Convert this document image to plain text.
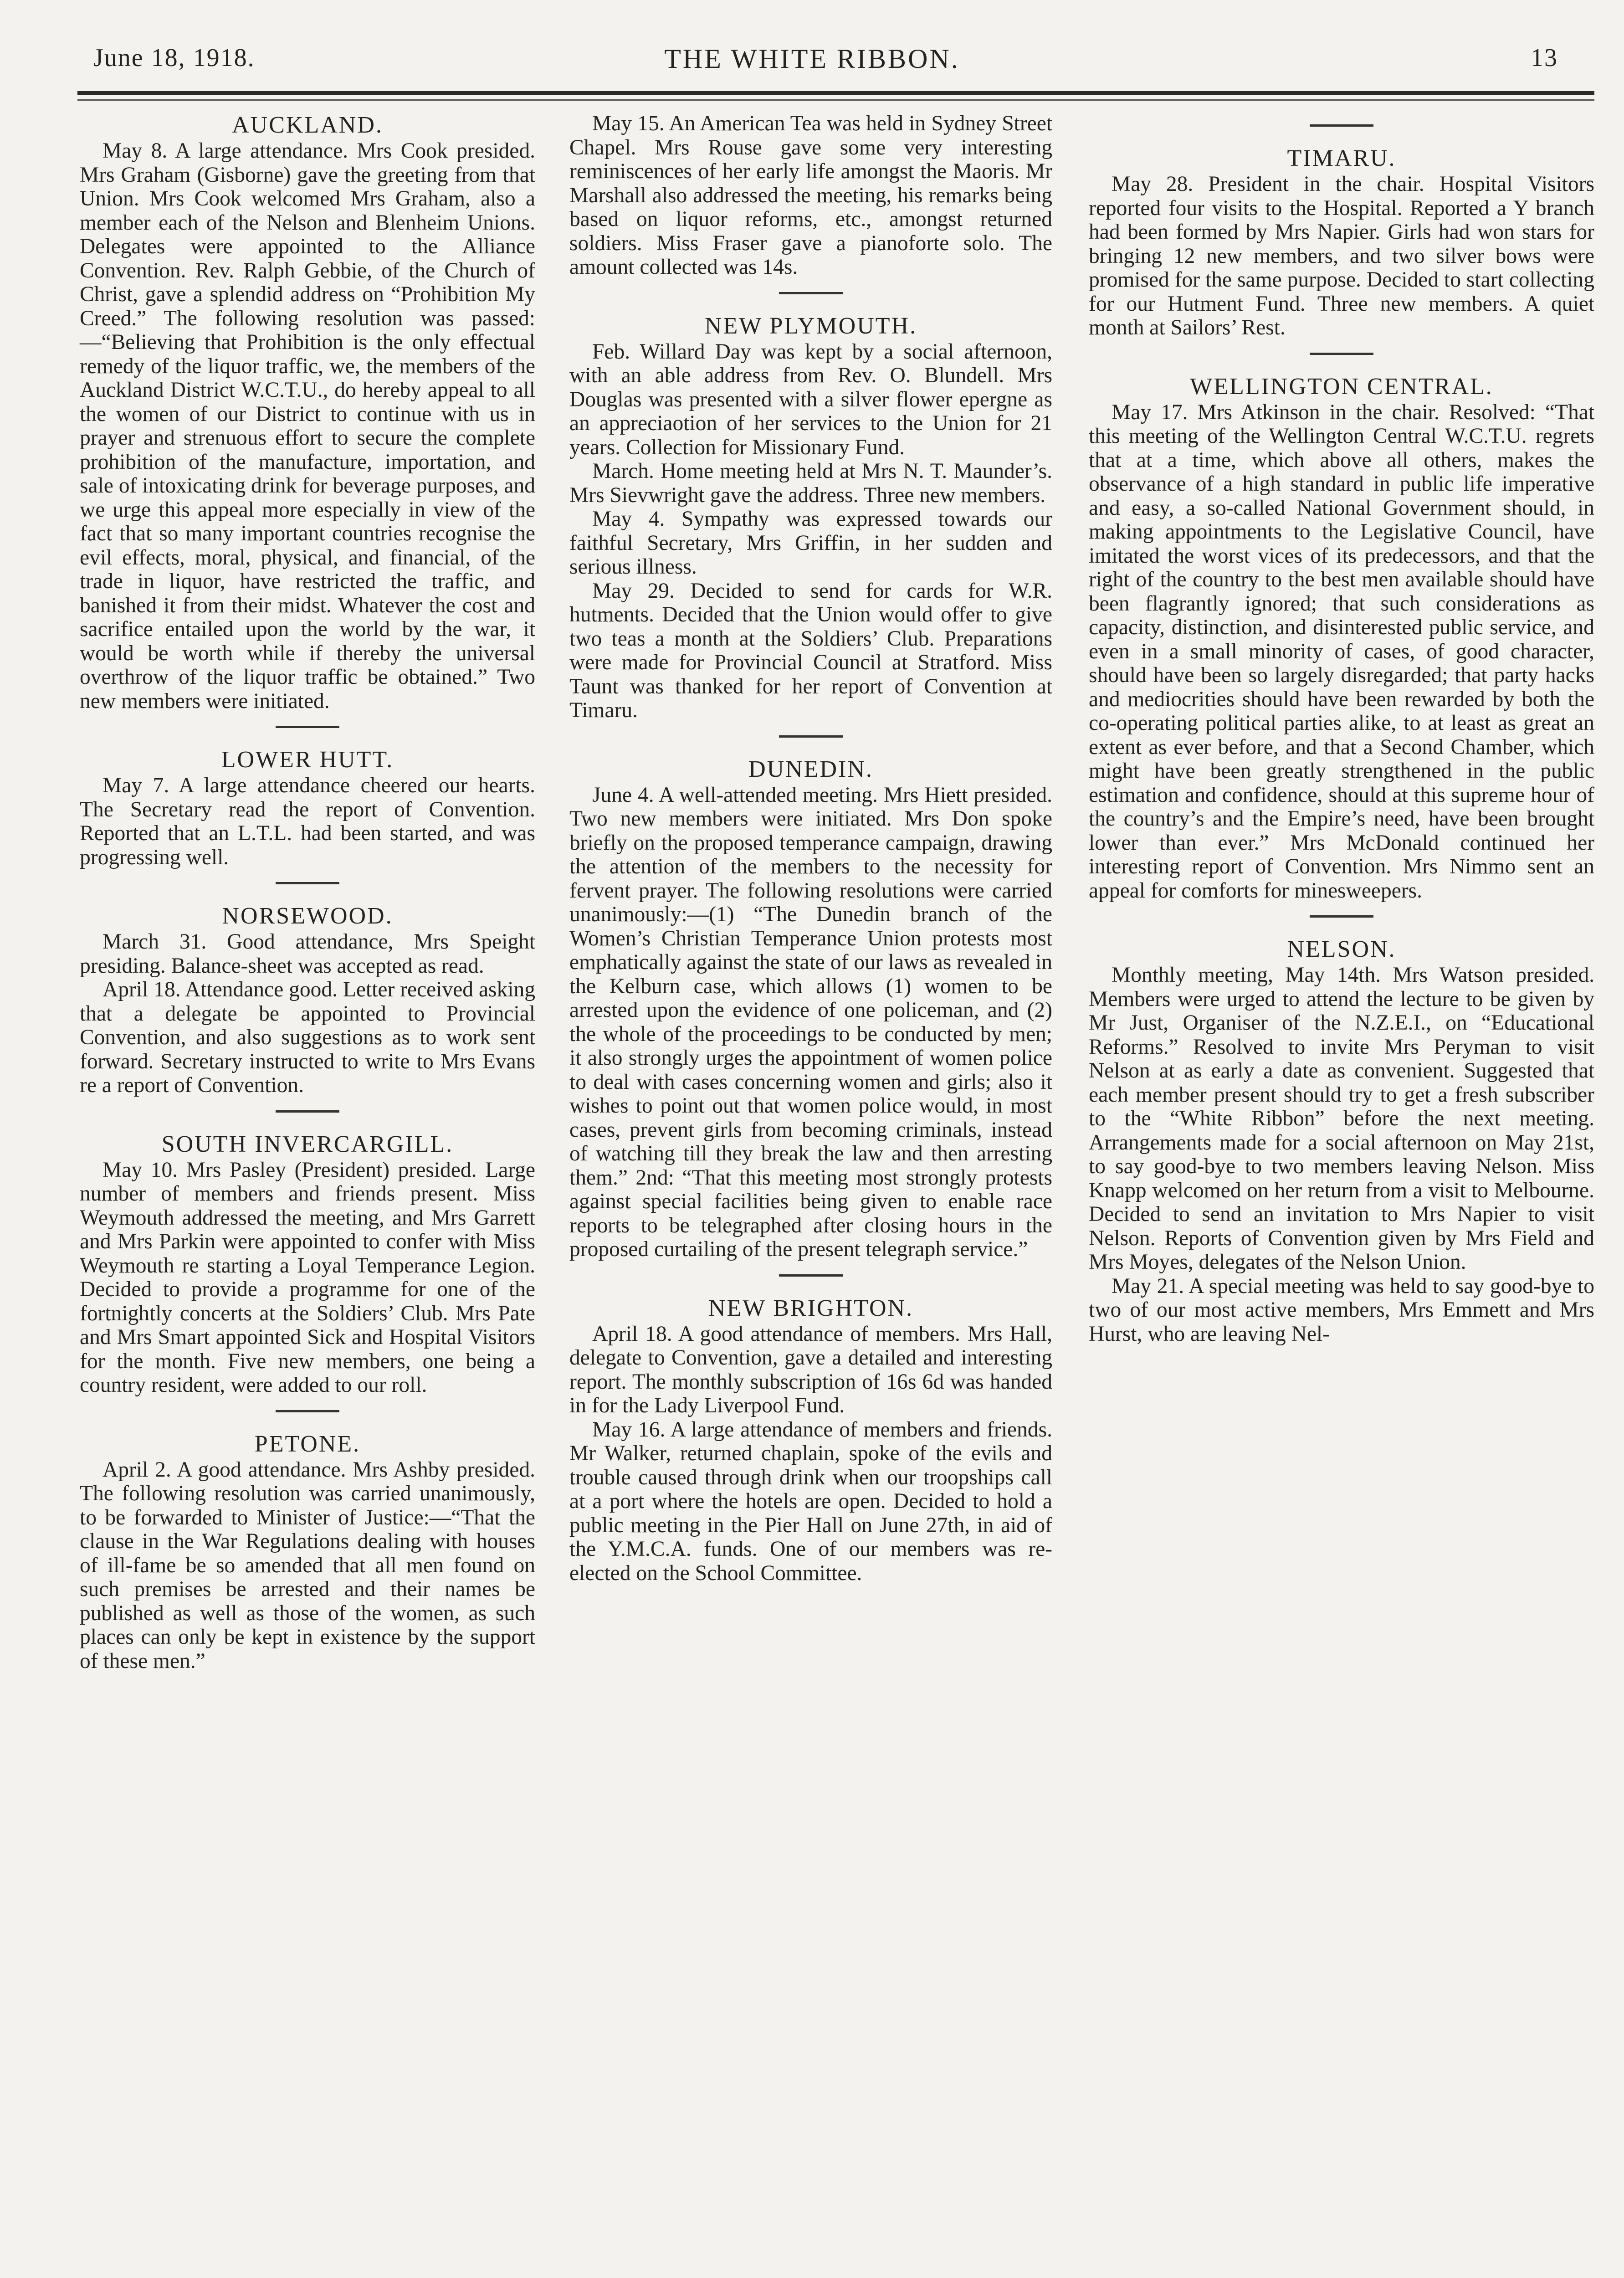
June 18, 1918.	THE WHITE RIBBON.	13
AUCKLAND.

May 8. A large attendance. Mrs Cook presided. Mrs Graham (Gisborne) gave the greeting from that Union. Mrs Cook welcomed Mrs Graham, also a member each of the Nelson and Blenheim Unions. Delegates were appointed to the Alliance Convention. Rev. Ralph Gebbie, of the Church of Christ, gave a splendid address on “Prohibition My Creed.” The following resolution was passed:—“Believing that Prohibition is the only effectual remedy of the liquor traffic, we, the members of the Auckland District W.C.T.U., do hereby appeal to all the women of our District to continue with us in prayer and strenuous effort to secure the complete prohibition of the manufacture, importation, and sale of intoxicating drink for beverage purposes, and we urge this appeal more especially in view of the fact that so many important countries recognise the evil effects, moral, physical, and financial, of the trade in liquor, have restricted the traffic, and banished it from their midst. Whatever the cost and sacrifice entailed upon the world by the war, it would be worth while if thereby the universal overthrow of the liquor traffic be obtained.” Two new members were initiated.

LOWER HUTT.

May 7. A large attendance cheered our hearts. The Secretary read the report of Convention. Reported that an L.T.L. had been started, and was progressing well.

NORSEWOOD.

March 31. Good attendance, Mrs Speight presiding. Balance-sheet was accepted as read.

April 18. Attendance good. Letter received asking that a delegate be appointed to Provincial Convention, and also suggestions as to work sent forward. Secretary instructed to write to Mrs Evans re a report of Convention.

SOUTH INVERCARGILL.

May 10. Mrs Pasley (President) presided. Large number of members and friends present. Miss Weymouth addressed the meeting, and Mrs Garrett and Mrs Parkin were appointed to confer with Miss Weymouth re starting a Loyal Temperance Legion. Decided to provide a programme for one of the fortnightly concerts at the Soldiers’ Club. Mrs Pate and Mrs Smart appointed Sick and Hospital Visitors for the month. Five new members, one being a country resident, were added to our roll.

PETONE.

April 2. A good attendance. Mrs Ashby presided. The following resolution was carried unanimously, to be forwarded to Minister of Justice:—“That the clause in the War Regulations dealing with houses of ill-fame be so amended that all men found on such premises be arrested and their names be published as well as those of the women, as such places can only be kept in existence by the support of these men.”

May 15. An American Tea was held in Sydney Street Chapel. Mrs Rouse gave some very interesting reminiscences of her early life amongst the Maoris. Mr Marshall also addressed the meeting, his remarks being based on liquor reforms, etc., amongst returned soldiers. Miss Fraser gave a pianoforte solo. The amount collected was 14s.

NEW PLYMOUTH.

Feb. Willard Day was kept by a social afternoon, with an able address from Rev. O. Blundell. Mrs Douglas was presented with a silver flower epergne as an appreciaotion of her services to the Union for 21 years. Collection for Missionary Fund.

March. Home meeting held at Mrs N. T. Maunder’s. Mrs Sievwright gave the address. Three new members.

May 4. Sympathy was expressed towards our faithful Secretary, Mrs Griffin, in her sudden and serious illness.

May 29. Decided to send for cards for W.R. hutments. Decided that the Union would offer to give two teas a month at the Soldiers’ Club. Preparations were made for Provincial Council at Stratford. Miss Taunt was thanked for her report of Convention at Timaru.

DUNEDIN.

June 4. A well-attended meeting. Mrs Hiett presided. Two new members were initiated. Mrs Don spoke briefly on the proposed temperance campaign, drawing the attention of the members to the necessity for fervent prayer. The following resolutions were carried unanimously:—(1) “The Dunedin branch of the Women’s Christian Temperance Union protests most emphatically against the state of our laws as revealed in the Kelburn case, which allows (1) women to be arrested upon the evidence of one policeman, and (2) the whole of the proceedings to be conducted by men; it also strongly urges the appointment of women police to deal with cases concerning women and girls; also it wishes to point out that women police would, in most cases, prevent girls from becoming criminals, instead of watching till they break the law and then arresting them.” 2nd: “That this meeting most strongly protests against special facilities being given to enable race reports to be telegraphed after closing hours in the proposed curtailing of the present telegraph service.”

NEW BRIGHTON.

April 18. A good attendance of members. Mrs Hall, delegate to Convention, gave a detailed and interesting report. The monthly subscription of 16s 6d was handed in for the Lady Liverpool Fund.

May 16. A large attendance of members and friends. Mr Walker, returned chaplain, spoke of the evils and trouble caused through drink when our troopships call at a port where the hotels are open. Decided to hold a public meeting in the Pier Hall on June 27th, in aid of the Y.M.C.A. funds. One of our members was re-elected on the School Committee.

TIMARU.

May 28. President in the chair. Hospital Visitors reported four visits to the Hospital. Reported a Y branch had been formed by Mrs Napier. Girls had won stars for bringing 12 new members, and two silver bows were promised for the same purpose. Decided to start collecting for our Hutment Fund. Three new members. A quiet month at Sailors’ Rest.

WELLINGTON CENTRAL.

May 17. Mrs Atkinson in the chair. Resolved: “That this meeting of the Wellington Central W.C.T.U. regrets that at a time, which above all others, makes the observance of a high standard in public life imperative and easy, a so-called National Government should, in making appointments to the Legislative Council, have imitated the worst vices of its predecessors, and that the right of the country to the best men available should have been flagrantly ignored; that such considerations as capacity, distinction, and disinterested public service, and even in a small minority of cases, of good character, should have been so largely disregarded; that party hacks and mediocrities should have been rewarded by both the co-operating political parties alike, to at least as great an extent as ever before, and that a Second Chamber, which might have been greatly strengthened in the public estimation and confidence, should at this supreme hour of the country’s and the Empire’s need, have been brought lower than ever.” Mrs McDonald continued her interesting report of Convention. Mrs Nimmo sent an appeal for comforts for minesweepers.

NELSON.

Monthly meeting, May 14th. Mrs Watson presided. Members were urged to attend the lecture to be given by Mr Just, Organiser of the N.Z.E.I., on “Educational Reforms.” Resolved to invite Mrs Peryman to visit Nelson at as early a date as convenient. Suggested that each member present should try to get a fresh subscriber to the “White Ribbon” before the next meeting. Arrangements made for a social afternoon on May 21st, to say good-bye to two members leaving Nelson. Miss Knapp welcomed on her return from a visit to Melbourne. Decided to send an invitation to Mrs Napier to visit Nelson. Reports of Convention given by Mrs Field and Mrs Moyes, delegates of the Nelson Union.

May 21. A special meeting was held to say good-bye to two of our most active members, Mrs Emmett and Mrs Hurst, who are leaving Nel-
